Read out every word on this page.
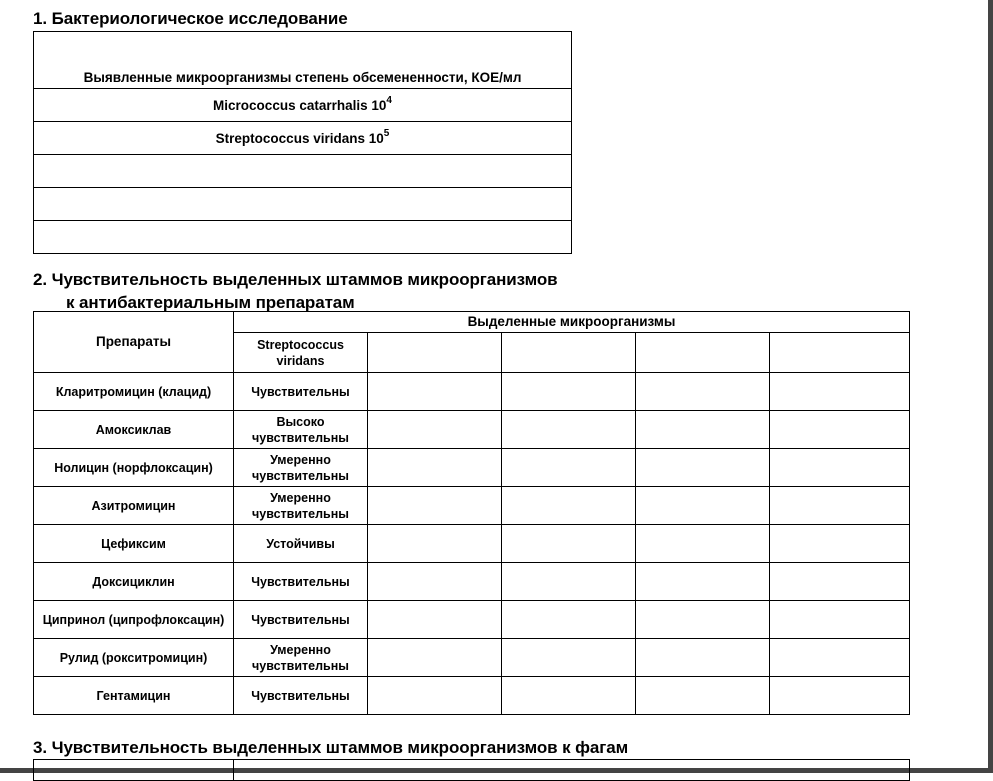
1. Бактериологическое исследование
Выявленные микроорганизмы степень обсемененности, КОЕ/мл
Micrococcus catarrhalis $10^4$
Streptococcus viridans $10^5$

2. Чувствительность выделенных штаммов микроорганизмов
к антибактериальным препаратам
Препараты	Выделенные микроорганизмы				
	Streptococcus viridans				
Кларитромицин (клацид)	Чувствительны				
Амоксиклав	Высоко чувствительны				
Нолицин (норфлоксацин)	Умеренно чувствительны				
Азитромицин	Умеренно чувствительны				
Цефиксим	Устойчивы				
Доксициклин	Чувствительны				
Ципринол (ципрофлоксацин)	Чувствительны				
Рулид (рокситромицин)	Умеренно чувствительны				
Гентамицин	Чувствительны				
3. Чувствительность выделенных штаммов микроорганизмов к фагам
